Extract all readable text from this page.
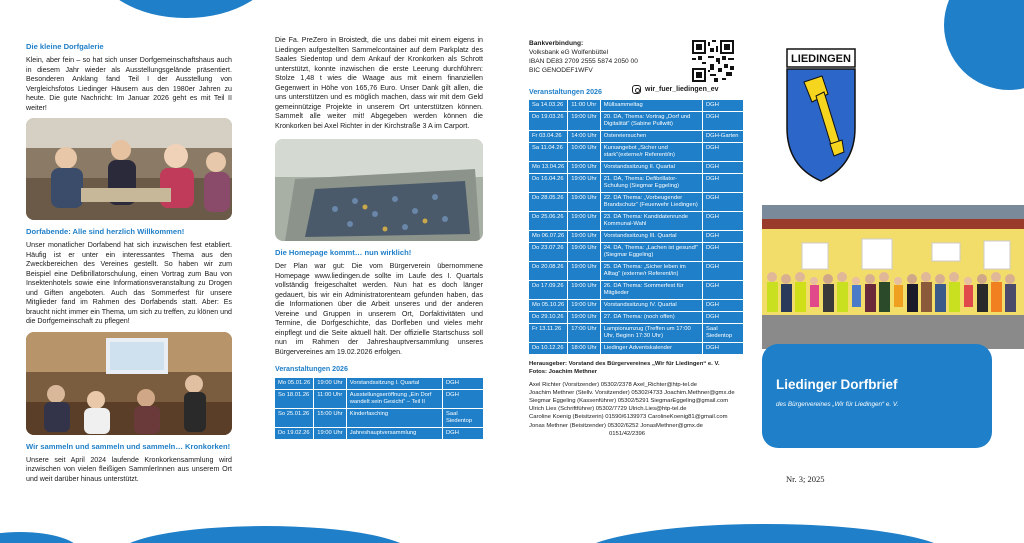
Die kleine Dorfgalerie

Klein, aber fein – so hat sich unser Dorfgemeinschaftshaus auch in diesem Jahr wieder als Ausstellungsgelände präsentiert. Besonderen Anklang fand Teil I der Ausstellung von Vergleichsfotos Liedinger Häusern aus den 1980er Jahren zu heute. Die gute Nachricht: Im Januar 2026 geht es mit Teil II weiter!

Dorfabende: Alle sind herzlich Willkommen!

Unser monatlicher Dorfabend hat sich inzwischen fest etabliert. Häufig ist er unter ein interessantes Thema aus den Zweckbereichen des Vereines gestellt. So haben wir zum Beispiel eine Defibrillatorschulung, einen Vortrag zum Bau von Insektenhotels sowie eine Informationsveranstaltung zu Drogen und Giften angeboten. Auch das Sommerfest für unsere Mitglieder fand im Rahmen des Dorfabends statt. Aber: Es braucht nicht immer ein Thema, um sich zu treffen, zu klönen und die Dorfgemeinschaft zu pflegen!

Wir sammeln und sammeln und sammeln… Kronkorken!

Unsere seit April 2024 laufende Kronkorkensammlung wird inzwischen von vielen fleißigen SammlerInnen aus unserem Ort und weit darüber hinaus unterstützt.

Die Fa. PreZero in Broistedt, die uns dabei mit einem eigens in Liedingen aufgestellten Sammelcontainer auf dem Parkplatz des Saales Siedentop und dem Ankauf der Kronkorken als Schrott unterstützt, konnte inzwischen die erste Leerung durchführen: Stolze 1,48 t wies die Waage aus mit einem finanziellen Gegenwert in Höhe von 165,76 Euro. Unser Dank gilt allen, die uns unterstützen und es möglich machen, dass wir mit dem Geld gemeinnützige Projekte in unserem Ort unterstützen können. Sammelt alle weiter mit! Abgegeben werden können die Kronkorken bei Axel Richter in der Kirchstraße 3 A im Carport.

Die Homepage kommt… nun wirklich!

Der Plan war gut: Die vom Bürgerverein übernommene Homepage www.liedingen.de sollte im Laufe des I. Quartals vollständig freigeschaltet werden. Nun hat es doch länger gedauert, bis wir ein Administratorenteam gefunden haben, das die Informationen über die Arbeit unseres und der anderen Vereine und Gruppen in unserem Ort, Dorfaktivitäten und Termine, die Dorfgeschichte, das Dorfleben und vieles mehr einpflegt und die Seite aktuell hält. Der offizielle Startschuss soll nun im Rahmen der Jahreshauptversammlung unseres Bürgervereines am 19.02.2026 erfolgen.

Veranstaltungen 2026
Mo 05.01.26	19:00 Uhr	Vorstandssitzung I. Quartal	DGH
So 18.01.26	11:00 Uhr	Ausstellungseröffnung „Ein Dorf wandelt sein Gesicht“ – Teil II	DGH
So 25.01.26	15:00 Uhr	Kinderfasching	Saal Siedentop
Do 19.02.26	19:00 Uhr	Jahreshauptversammlung	DGH
Bankverbindung:
Volksbank eG Wolfenbüttel
IBAN DE83 2709 2555 5874 2050 00
BIC GENODEF1WFV
Veranstaltungen 2026
Sa 14.03.26	11:00 Uhr	Müllsammeltag	DGH
Do 19.03.26	19:00 Uhr	20. DA, Thema: Vortrag „Dorf und Digitalität“ (Sabine Pullwitt)	DGH
Fr 03.04.26	14:00 Uhr	Ostereiersuchen	DGH-Garten
Sa 11.04.26	10:00 Uhr	Kursangebot „Sicher und stark“(externe/r Referent/in)	DGH
Mo 13.04.26	19:00 Uhr	Vorstandssitzung II. Quartal	DGH
Do 16.04.26	19:00 Uhr	21. DA, Thema: Defibrillator-Schulung (Siegmar Eggeling)	DGH
Do 28.05.26	19:00 Uhr	22. DA Thema: „Vorbeugender Brandschutz“ (Feuerwehr Liedingen)	DGH
Do 25.06.26	19:00 Uhr	23. DA Thema: Kandidatenrunde Kommunal-Wahl	DGH
Mo 06.07.26	19:00 Uhr	Vorstandssitzung III. Quartal	DGH
Do 23.07.26	19:00 Uhr	24. DA, Thema: „Lachen ist gesund!“ (Siegmar Eggeling)	DGH
Do 20.08.26	19:00 Uhr	25. DA Thema: „Sicher leben im Alltag“ (externe/r Referent/in)	DGH
Do 17.09.26	19:00 Uhr	26. DA Thema: Sommerfest für Mitglieder	DGH
Mo 05.10.26	19:00 Uhr	Vorstandssitzung IV. Quartal	DGH
Do 29.10.26	19:00 Uhr	27. DA Thema: (noch offen)	DGH
Fr 13.11.26	17:00 Uhr	Lampionumzug (Treffen um 17:00 Uhr, Beginn 17:30 Uhr)	Saal Siedentop
Do 10.12.26	18:00 Uhr	Liedinger Adventskalender	DGH
Herausgeber: Vorstand des Bürgervereines „Wir für Liedingen“ e. V.
Fotos: Joachim Methner
Axel Richter (Vorsitzender) 05302/2378 Axel_Richter@htp-tel.de
Joachim Methner (Stellv. Vorsitzender) 05302/4733 Joachim.Methner@gmx.de
Siegmar Eggeling (Kassenführer) 05302/5291 SiegmarEggeling@gmail.com
Ulrich Lies (Schriftführer) 05302/7729 Ulrich.Lies@htp-tel.de
Caroline Koenig (Beisitzerin) 01590/6139973 CarolineKoenig81@gmail.com
Jonas Methner (Beisitzender) 05302/6252 JonasMethner@gmx.de
0151/42/2396
wir_fuer_liedingen_ev
LIEDINGEN
Liedinger Dorfbrief
des Bürgervereines „Wir für Liedingen“ e. V.
Nr. 3; 2025
